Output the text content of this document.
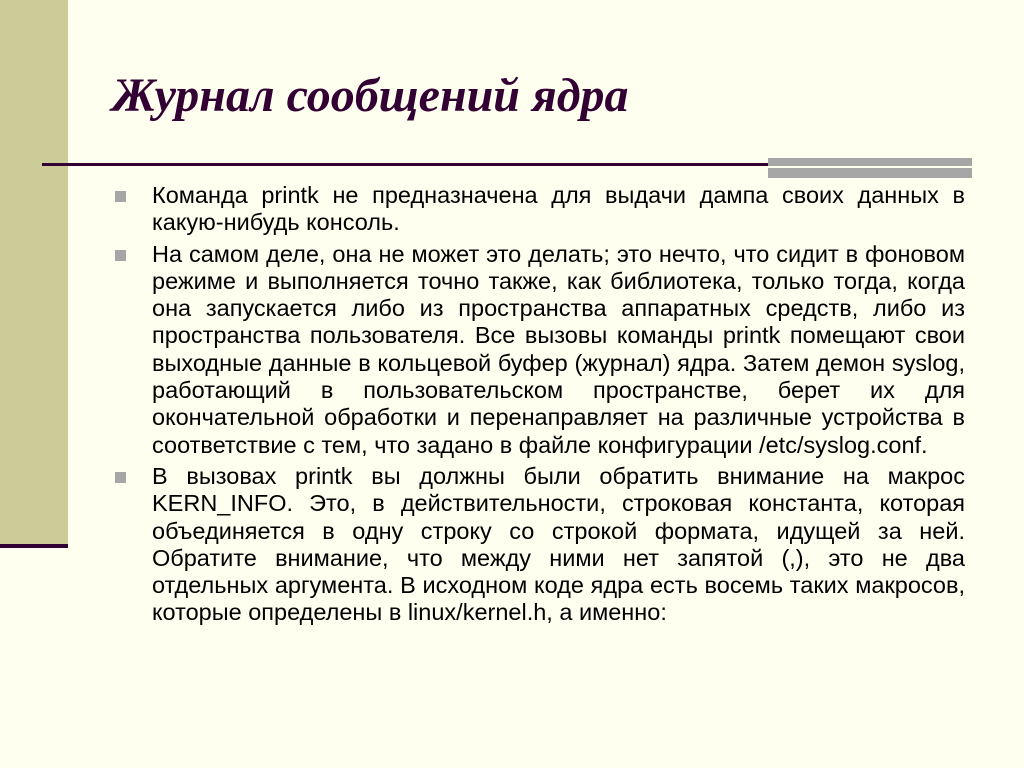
Журнал сообщений ядра

Команда printk не предназначена для выдачи дампа своих данных в какую-нибудь консоль.

На самом деле, она не может это делать; это нечто, что сидит в фоновом режиме и выполняется точно также, как библиотека, только тогда, когда она запускается либо из пространства аппаратных средств, либо из пространства пользователя. Все вызовы команды printk помещают свои выходные данные в кольцевой буфер (журнал) ядра. Затем демон syslog, работающий в пользовательском пространстве, берет их для окончательной обработки и перенаправляет на различные устройства в соответствие с тем, что задано в файле конфигурации /etc/syslog.conf.

В вызовах printk вы должны были обратить внимание на макрос KERN_INFO. Это, в действительности, строковая константа, которая объединяется в одну строку со строкой формата, идущей за ней. Обратите внимание, что между ними нет запятой (,), это не два отдельных аргумента. В исходном коде ядра есть восемь таких макросов, которые определены в linux/kernel.h, а именно:
